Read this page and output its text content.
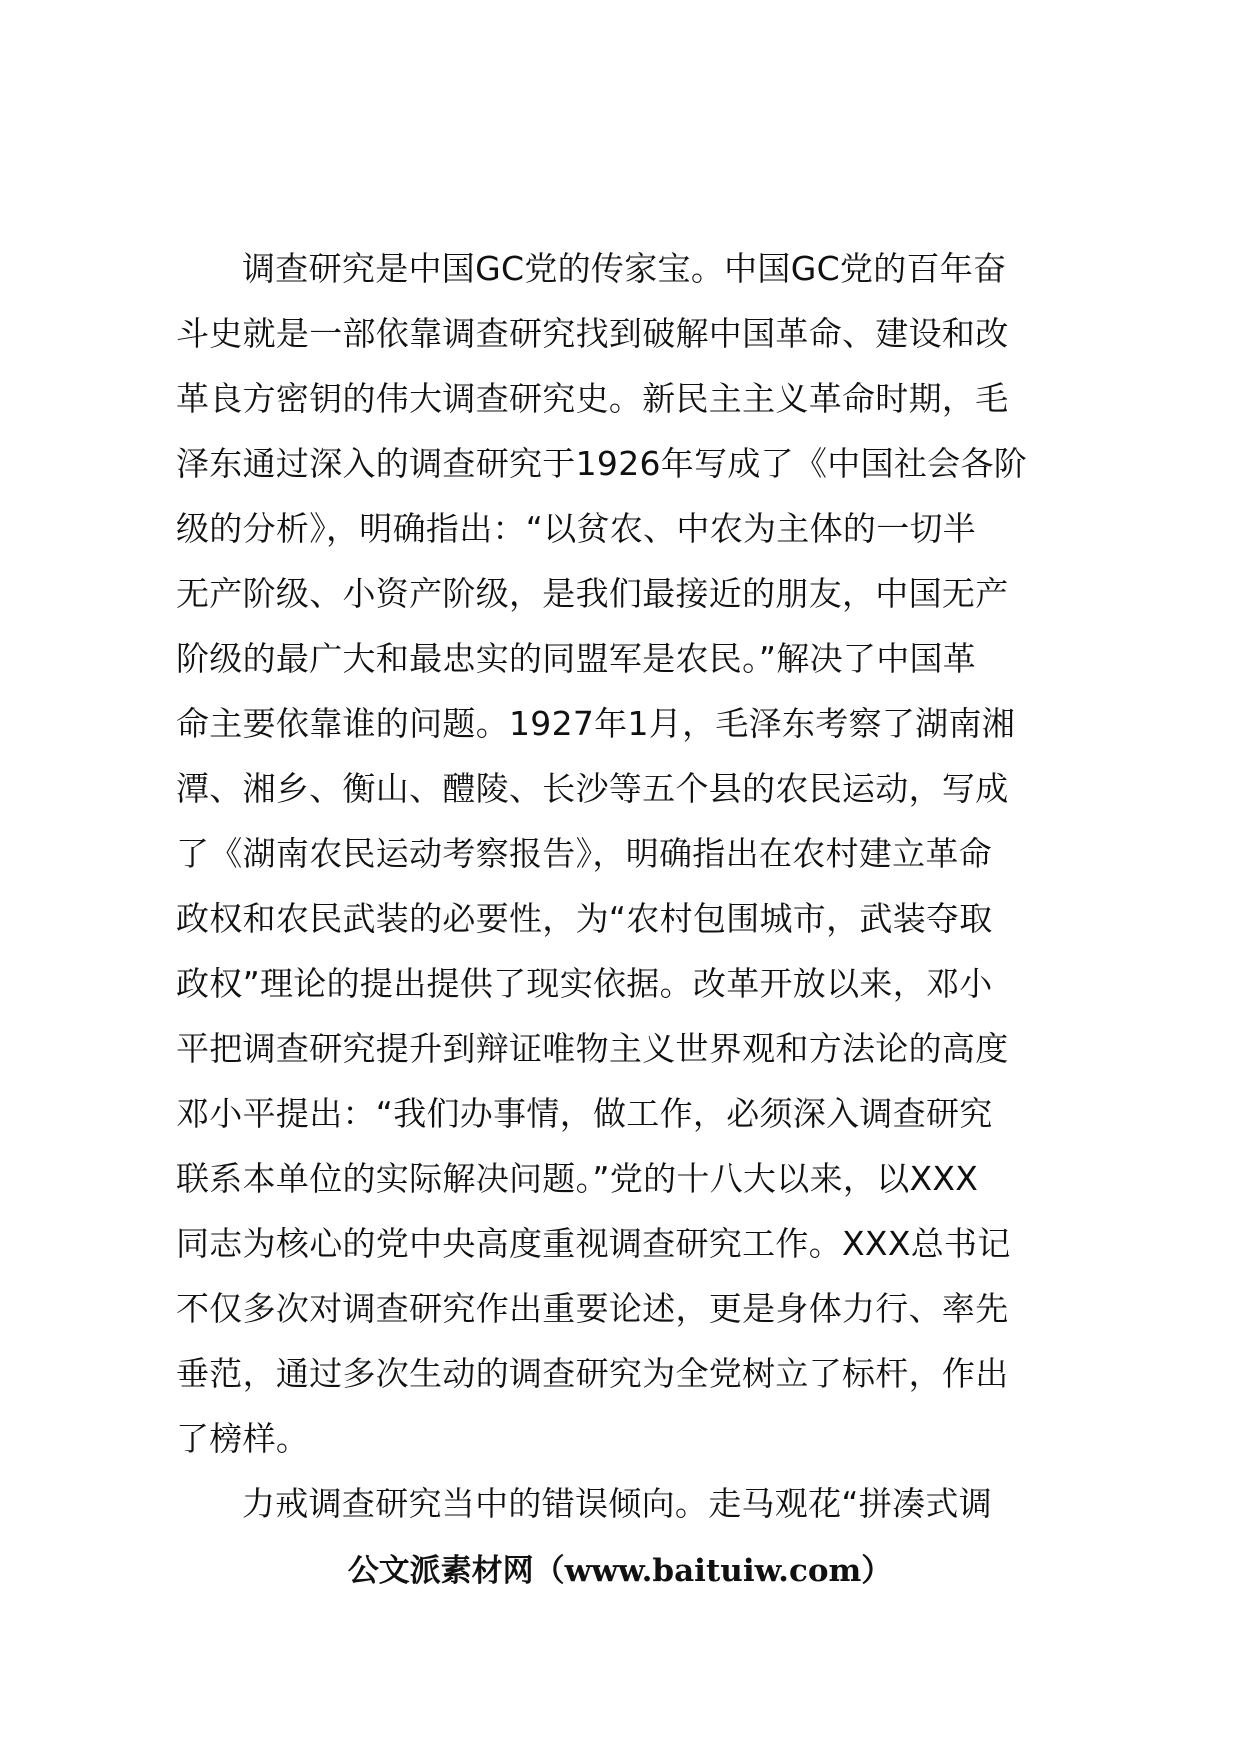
调查研究是中国GC党的传家宝。中国GC党的百年奋
斗史就是一部依靠调查研究找到破解中国革命、建设和改
革良方密钥的伟大调查研究史。新民主主义革命时期，毛
泽东通过深入的调查研究于1926年写成了《中国社会各阶
级的分析》，明确指出：“以贫农、中农为主体的一切半
无产阶级、小资产阶级，是我们最接近的朋友，中国无产
阶级的最广大和最忠实的同盟军是农民。”解决了中国革
命主要依靠谁的问题。1927年1月，毛泽东考察了湖南湘
潭、湘乡、衡山、醴陵、长沙等五个县的农民运动，写成
了《湖南农民运动考察报告》，明确指出在农村建立革命
政权和农民武装的必要性，为“农村包围城市，武装夺取
政权”理论的提出提供了现实依据。改革开放以来，邓小
平把调查研究提升到辩证唯物主义世界观和方法论的高度
邓小平提出：“我们办事情，做工作，必须深入调查研究
联系本单位的实际解决问题。”党的十八大以来，以XXX
同志为核心的党中央高度重视调查研究工作。XXX总书记
不仅多次对调查研究作出重要论述，更是身体力行、率先
垂范，通过多次生动的调查研究为全党树立了标杆，作出
了榜样。
力戒调查研究当中的错误倾向。走马观花“拼凑式调
公文派素材网（www.baituiw.com）
